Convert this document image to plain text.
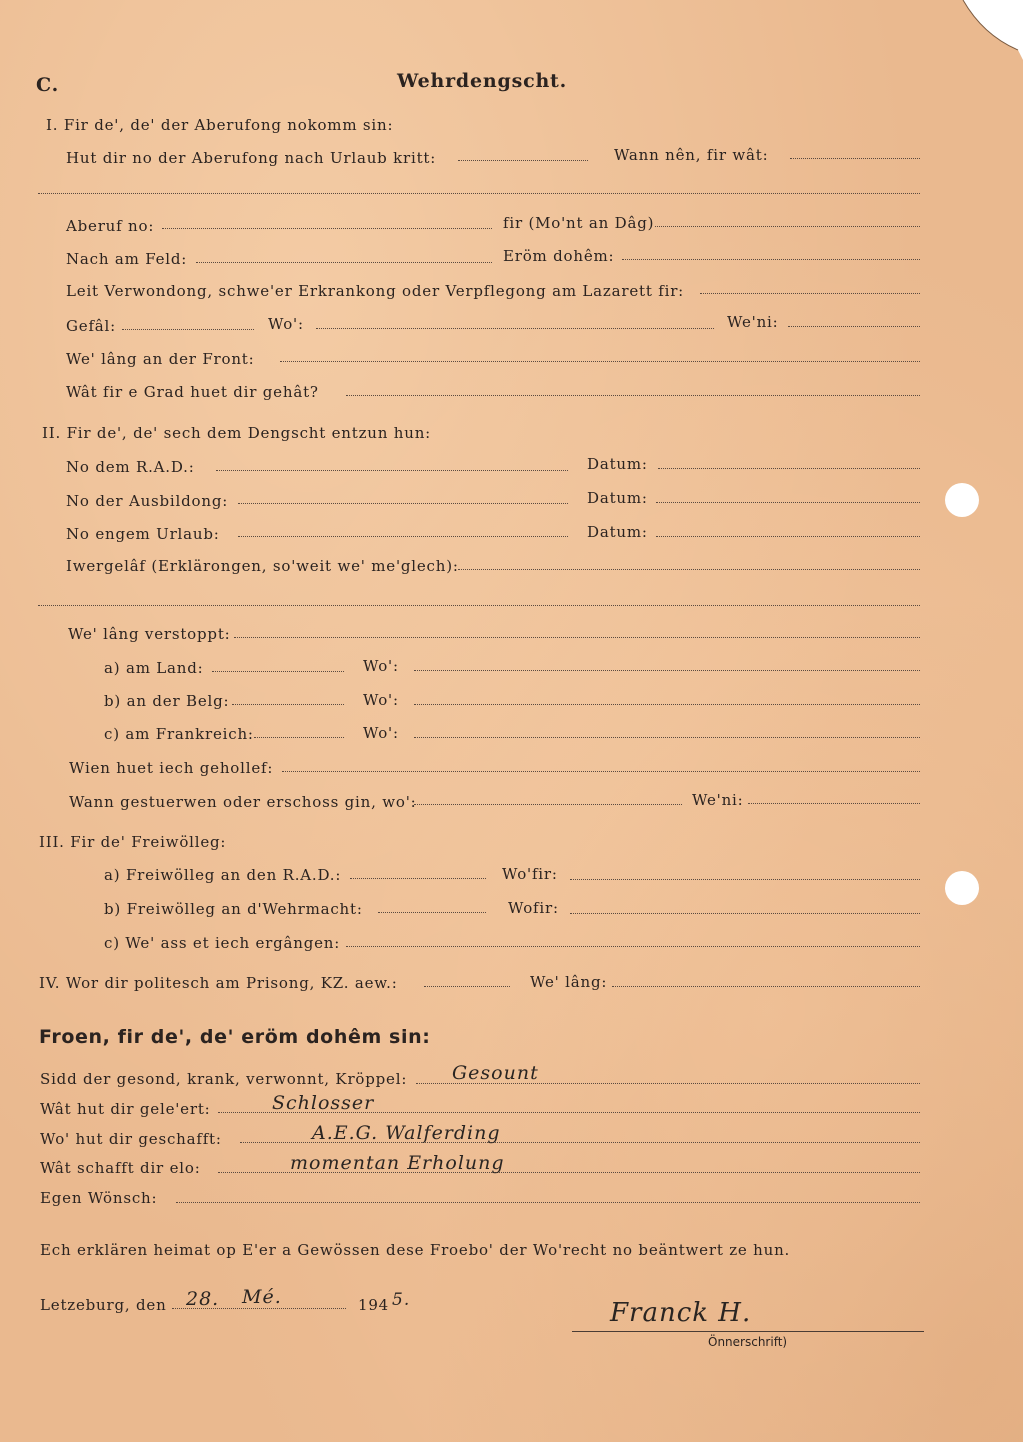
C.	Wehrdengscht.
I. Fir de', de' der Aberufong nokomm sin:
Hut dir no der Aberufong nach Urlaub kritt:	Wann nên, fir wât:
Aberuf no:	fir (Mo'nt an Dâg)
Nach am Feld:	Eröm dohêm:
Leit Verwondong, schwe'er Erkrankong oder Verpflegong am Lazarett fir:
Gefâl:	Wo':	We'ni:
We' lâng an der Front:
Wât fir e Grad huet dir gehât?
II. Fir de', de' sech dem Dengscht entzun hun:
No dem R.A.D.:	Datum:
No der Ausbildong:	Datum:
No engem Urlaub:	Datum:
Iwergelâf (Erklärongen, so'weit we' me'glech):
We' lâng verstoppt:
a) am Land:	Wo':
b) an der Belg:	Wo':
c) am Frankreich:	Wo':
Wien huet iech gehollef:
Wann gestuerwen oder erschoss gin, wo':	We'ni:
III. Fir de' Freiwölleg:
a) Freiwölleg an den R.A.D.:	Wo'fir:
b) Freiwölleg an d'Wehrmacht:	Wofir:
c) We' ass et iech ergângen:
IV. Wor dir politesch am Prisong, KZ. aew.:	We' lâng:
Froen, fir de', de' eröm dohêm sin:
Sidd der gesond, krank, verwonnt, Kröppel: Gesount
Wât hut dir gele'ert:	Schlosser
Wo' hut dir geschafft:	A.E.G. Walferding
Wât schafft dir elo:	momentan Erholung
Egen Wönsch:
Ech erklären heimat op E'er a Gewössen dese Froebo' der Wo'recht no beäntwert ze hun.
Letzeburg, den 28. Mé.	194 5.	Franck H.
Önnerschrift)
